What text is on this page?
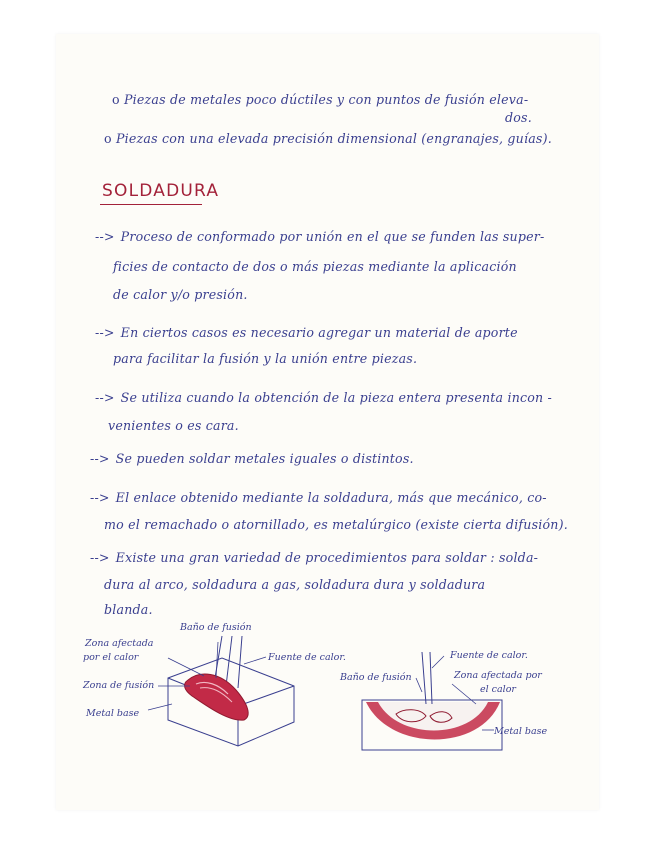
o Piezas de metales poco dúctiles y con puntos de fusión eleva-
dos.
o Piezas con una elevada precisión dimensional (engranajes, guías).
SOLDADURA
--> Proceso de conformado por unión en el que se funden las super-
ficies de contacto de dos o más piezas mediante la aplicación
de calor y/o presión.
--> En ciertos casos es necesario agregar un material de aporte
para facilitar la fusión y la unión entre piezas.
--> Se utiliza cuando la obtención de la pieza entera presenta incon -
venientes o es cara.
--> Se pueden soldar metales iguales o distintos.
--> El enlace obtenido mediante la soldadura, más que mecánico, co-
mo el remachado o atornillado, es metalúrgico (existe cierta difusión).
--> Existe una gran variedad de procedimientos para soldar : solda-
dura al arco, soldadura a gas, soldadura dura y soldadura
blanda.
Baño de fusión
Zona afectada
por el calor	Fuente de calor.
Zona de fusión
Metal base
Fuente de calor.
Baño de fusión	Zona afectada por
el calor
Metal base
